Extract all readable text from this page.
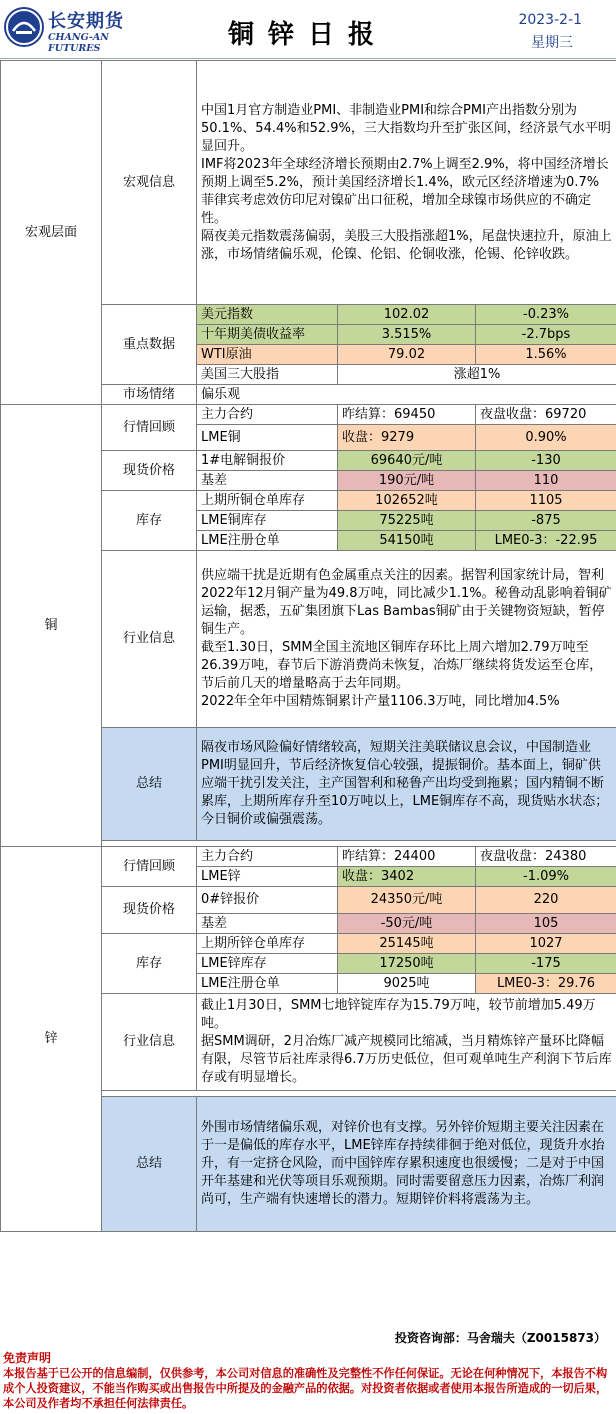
长安期货
CHANG-AN FUTURES	铜锌日报	2023-2-1
星期三
宏观层面	宏观信息	中国1月官方制造业PMI、非制造业PMI和综合PMI产出指数分别为50.1%、54.4%和52.9%，三大指数均升至扩张区间，经济景气水平明显回升。
IMF将2023年全球经济增长预期由2.7%上调至2.9%，将中国经济增长预期上调至5.2%，预计美国经济增长1.4%，欧元区经济增速为0.7%
菲律宾考虑效仿印尼对镍矿出口征税，增加全球镍市场供应的不确定性。
隔夜美元指数震荡偏弱，美股三大股指涨超1%，尾盘快速拉升，原油上涨，市场情绪偏乐观，伦镍、伦铝、伦铜收涨，伦锡、伦锌收跌。		

	重点数据	美元指数	102.02	-0.23%
		十年期美债收益率	3.515%	-2.7bps
		WTI原油	79.02	1.56%
		美国三大股指	涨超1%	
	市场情绪	偏乐观		
铜	行情回顾	主力合约	昨结算：69450	夜盘收盘：69720
		LME铜	收盘：9279	0.90%
	现货价格	1#电解铜报价	69640元/吨	-130
		基差	190元/吨	110
	库存	上期所铜仓单库存	102652吨	1105
		LME铜库存	75225吨	-875
		LME注册仓单	54150吨	LME0-3：-22.95
	行业信息	供应端干扰是近期有色金属重点关注的因素。据智利国家统计局，智利2022年12月铜产量为49.8万吨，同比减少1.1%。秘鲁动乱影响着铜矿运输，据悉，五矿集团旗下Las Bambas铜矿由于关键物资短缺，暂停铜生产。
截至1.30日，SMM全国主流地区铜库存环比上周六增加2.79万吨至26.39万吨，春节后下游消费尚未恢复，冶炼厂继续将货发运至仓库，节后前几天的增量略高于去年同期。
2022年全年中国精炼铜累计产量1106.3万吨，同比增加4.5%		

	总结	隔夜市场风险偏好情绪较高，短期关注美联储议息会议，中国制造业PMI明显回升，节后经济恢复信心较强，提振铜价。基本面上，铜矿供应端干扰引发关注，主产国智利和秘鲁产出均受到拖累；国内精铜不断累库，上期所库存升至10万吨以上，LME铜库存不高，现货贴水状态；今日铜价或偏强震荡。		

锌	行情回顾	主力合约	昨结算：24400	夜盘收盘：24380
		LME锌	收盘：3402	-1.09%
	现货价格	0#锌报价	24350元/吨	220
		基差	-50元/吨	105
	库存	上期所锌仓单库存	25145吨	1027
		LME锌库存	17250吨	-175
		LME注册仓单	9025吨	LME0-3：29.76
	行业信息	截止1月30日，SMM七地锌锭库存为15.79万吨，较节前增加5.49万吨。
据SMM调研，2月冶炼厂减产规模同比缩减，当月精炼锌产量环比降幅有限，尽管节后社库录得6.7万历史低位，但可观单吨生产利润下节后库存或有明显增长。		

	总结	外围市场情绪偏乐观，对锌价也有支撑。另外锌价短期主要关注因素在于一是偏低的库存水平，LME锌库存持续徘徊于绝对低位，现货升水抬升，有一定挤仓风险，而中国锌库存累积速度也很缓慢；二是对于中国开年基建和光伏等项目乐观预期。同时需要留意压力因素，冶炼厂利润尚可，生产端有快速增长的潜力。短期锌价料将震荡为主。		
投资咨询部：马舍瑞夫（Z0015873）
免责声明
本报告基于已公开的信息编制，仅供参考，本公司对信息的准确性及完整性不作任何保证。无论在何种情况下，本报告不构成个人投资建议，不能当作购买或出售报告中所提及的金融产品的依据。对投资者依据或者使用本报告所造成的一切后果，本公司及作者均不承担任何法律责任。
